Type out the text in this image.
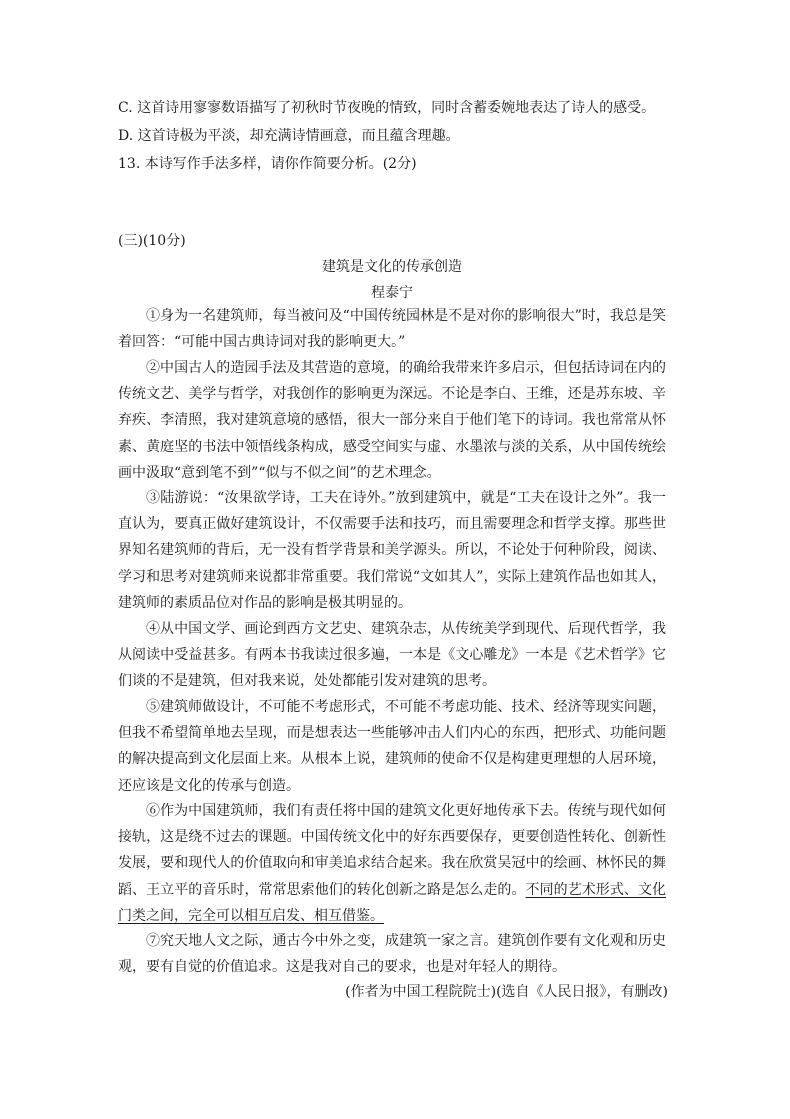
C. 这首诗用寥寥数语描写了初秋时节夜晚的情致，同时含蓄委婉地表达了诗人的感受。
D. 这首诗极为平淡，却充满诗情画意，而且蕴含理趣。
13. 本诗写作手法多样，请你作简要分析。(2分)
(三)(10分)
建筑是文化的传承创造
程泰宁

①身为一名建筑师，每当被问及“中国传统园林是不是对你的影响很大”时，我总是笑着回答：“可能中国古典诗词对我的影响更大。”

②中国古人的造园手法及其营造的意境，的确给我带来许多启示，但包括诗词在内的传统文艺、美学与哲学，对我创作的影响更为深远。不论是李白、王维，还是苏东坡、辛弃疾、李清照，我对建筑意境的感悟，很大一部分来自于他们笔下的诗词。我也常常从怀素、黄庭坚的书法中领悟线条构成，感受空间实与虚、水墨浓与淡的关系，从中国传统绘画中汲取“意到笔不到”“似与不似之间”的艺术理念。

③陆游说：“汝果欲学诗，工夫在诗外。”放到建筑中，就是“工夫在设计之外”。我一直认为，要真正做好建筑设计，不仅需要手法和技巧，而且需要理念和哲学支撑。那些世界知名建筑师的背后，无一没有哲学背景和美学源头。所以，不论处于何种阶段，阅读、学习和思考对建筑师来说都非常重要。我们常说“文如其人”，实际上建筑作品也如其人，建筑师的素质品位对作品的影响是极其明显的。

④从中国文学、画论到西方文艺史、建筑杂志，从传统美学到现代、后现代哲学，我从阅读中受益甚多。有两本书我读过很多遍，一本是《文心雕龙》一本是《艺术哲学》它们谈的不是建筑，但对我来说，处处都能引发对建筑的思考。

⑤建筑师做设计，不可能不考虑形式，不可能不考虑功能、技术、经济等现实问题，但我不希望简单地去呈现，而是想表达一些能够冲击人们内心的东西，把形式、功能问题的解决提高到文化层面上来。从根本上说，建筑师的使命不仅是构建更理想的人居环境，还应该是文化的传承与创造。

⑥作为中国建筑师，我们有责任将中国的建筑文化更好地传承下去。传统与现代如何接轨，这是绕不过去的课题。中国传统文化中的好东西要保存，更要创造性转化、创新性发展，要和现代人的价值取向和审美追求结合起来。我在欣赏吴冠中的绘画、林怀民的舞蹈、王立平的音乐时，常常思索他们的转化创新之路是怎么走的。不同的艺术形式、文化门类之间，完全可以相互启发、相互借鉴。

⑦究天地人文之际，通古今中外之变，成建筑一家之言。建筑创作要有文化观和历史观，要有自觉的价值追求。这是我对自己的要求，也是对年轻人的期待。

(作者为中国工程院院士)(选自《人民日报》，有删改)
